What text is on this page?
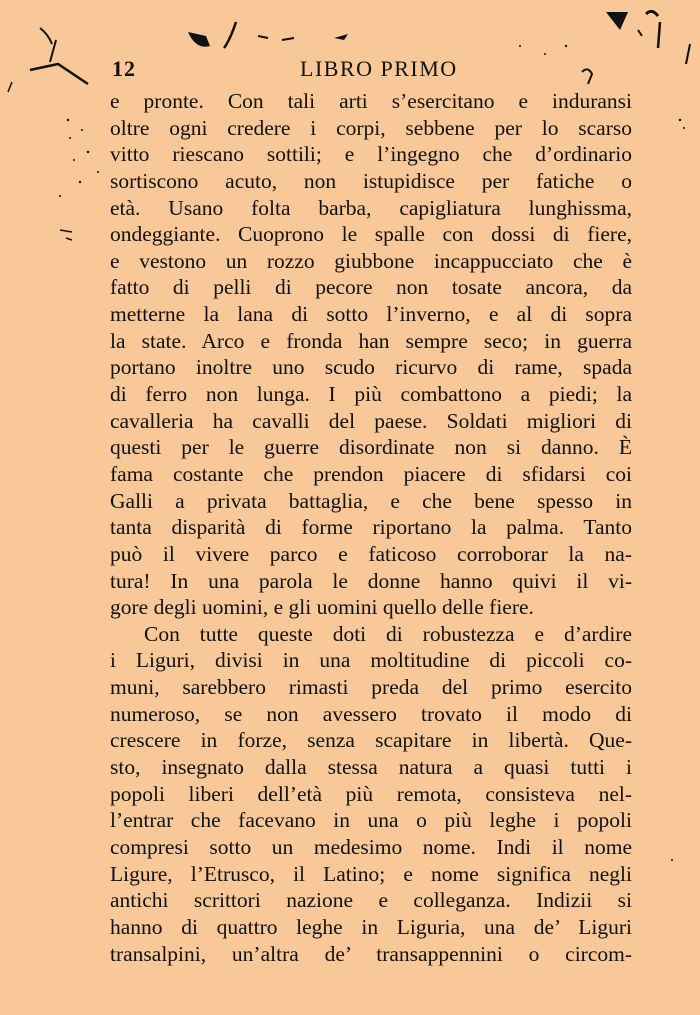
12	LIBRO PRIMO
e pronte. Con tali arti s’esercitano e induransi
oltre ogni credere i corpi, sebbene per lo scarso
vitto riescano sottili; e l’ingegno che d’ordinario
sortiscono acuto, non istupidisce per fatiche o
età. Usano folta barba, capigliatura lunghissma,
ondeggiante. Cuoprono le spalle con dossi di fiere,
e vestono un rozzo giubbone incappucciato che è
fatto di pelli di pecore non tosate ancora, da
metterne la lana di sotto l’inverno, e al di sopra
la state. Arco e fronda han sempre seco; in guerra
portano inoltre uno scudo ricurvo di rame, spada
di ferro non lunga. I più combattono a piedi; la
cavalleria ha cavalli del paese. Soldati migliori di
questi per le guerre disordinate non si danno. È
fama costante che prendon piacere di sfidarsi coi
Galli a privata battaglia, e che bene spesso in
tanta disparità di forme riportano la palma. Tanto
può il vivere parco e faticoso corroborar la na-
tura! In una parola le donne hanno quivi il vi-
gore degli uomini, e gli uomini quello delle fiere.
Con tutte queste doti di robustezza e d’ardire
i Liguri, divisi in una moltitudine di piccoli co-
muni, sarebbero rimasti preda del primo esercito
numeroso, se non avessero trovato il modo di
crescere in forze, senza scapitare in libertà. Que-
sto, insegnato dalla stessa natura a quasi tutti i
popoli liberi dell’età più remota, consisteva nel-
l’entrar che facevano in una o più leghe i popoli
compresi sotto un medesimo nome. Indi il nome
Ligure, l’Etrusco, il Latino; e nome significa negli
antichi scrittori nazione e colleganza. Indizii si
hanno di quattro leghe in Liguria, una de’ Liguri
transalpini, un’altra de’ transappennini o circom-
